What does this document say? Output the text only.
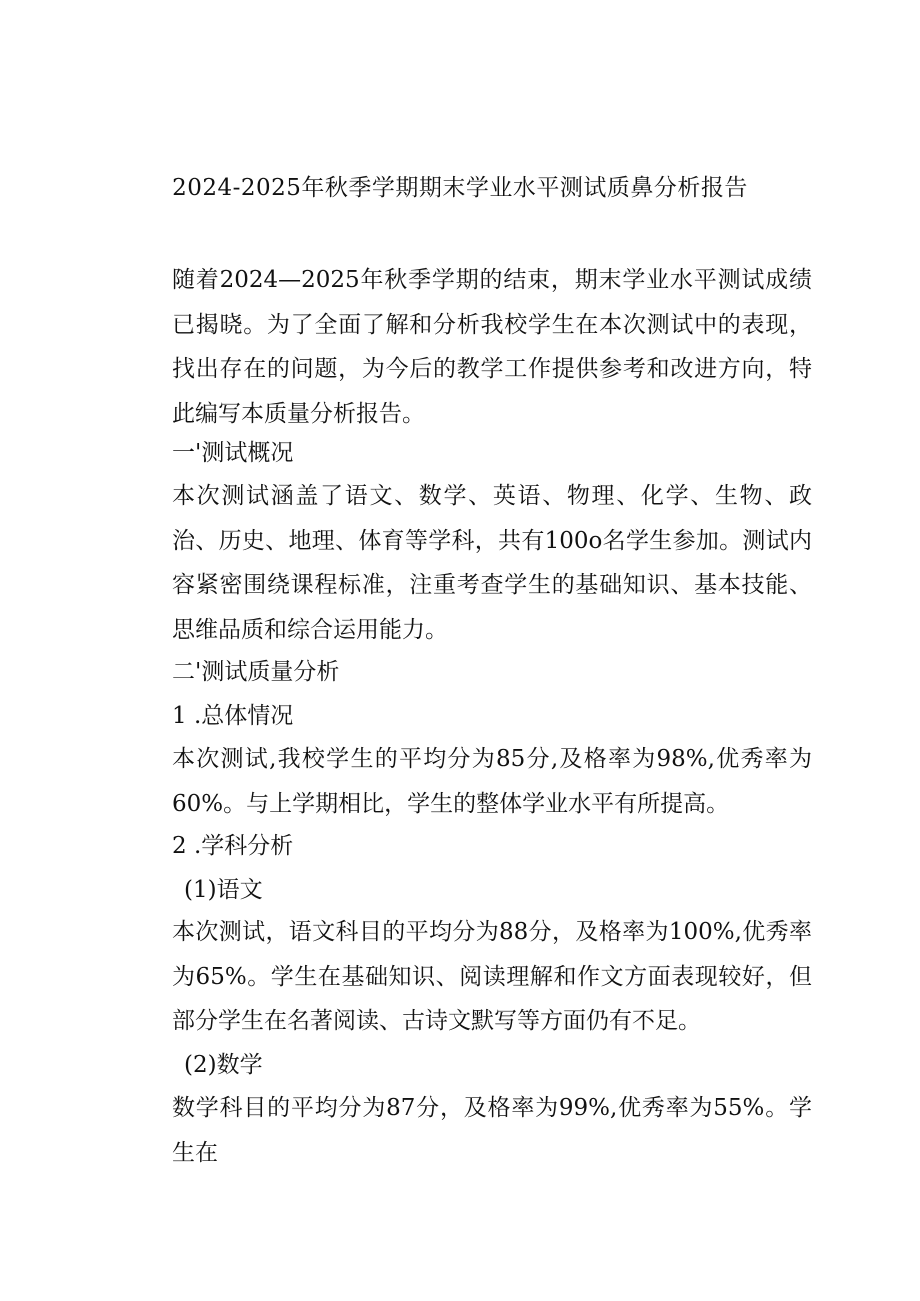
2024-2025年秋季学期期末学业水平测试质鼻分析报告

随着2024—2025年秋季学期的结束，期末学业水平测试成绩已揭晓。为了全面了解和分析我校学生在本次测试中的表现，找出存在的问题，为今后的教学工作提供参考和改进方向，特此编写本质量分析报告。

一'测试概况

本次测试涵盖了语文、数学、英语、物理、化学、生物、政治、历史、地理、体育等学科，共有100o名学生参加。测试内容紧密围绕课程标准，注重考查学生的基础知识、基本技能、思维品质和综合运用能力。

二'测试质量分析
1 .总体情况

本次测试,我校学生的平均分为85分,及格率为98%,优秀率为60%。与上学期相比，学生的整体学业水平有所提高。

2 .学科分析
(1)语文

本次测试，语文科目的平均分为88分，及格率为100%,优秀率为65%。学生在基础知识、阅读理解和作文方面表现较好，但部分学生在名著阅读、古诗文默写等方面仍有不足。

(2)数学

数学科目的平均分为87分，及格率为99%,优秀率为55%。学生在
